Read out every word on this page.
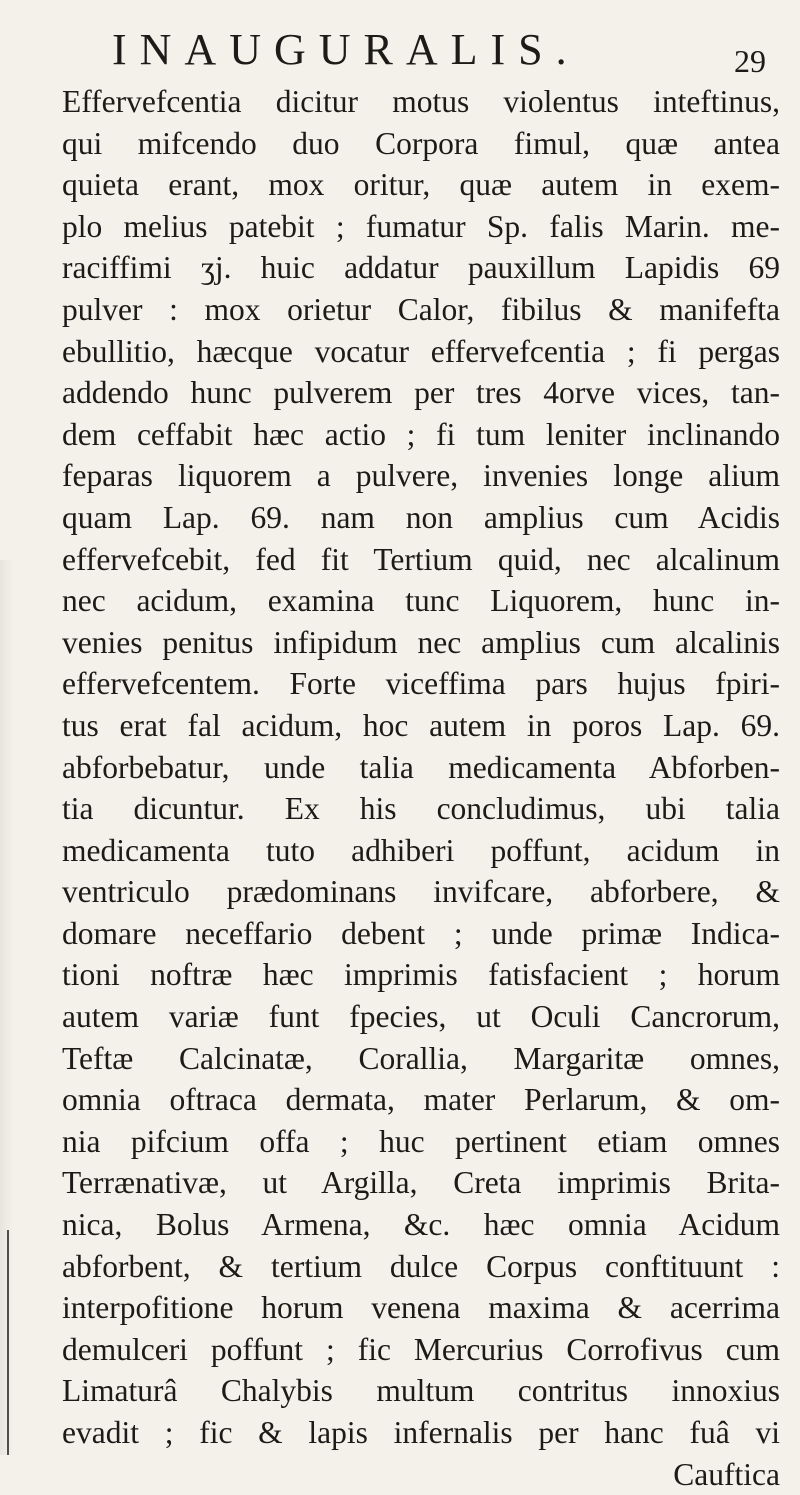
INAUGURALIS.	29
Effervefcentia dicitur motus violentus inteftinus,
qui mifcendo duo Corpora fimul, quæ antea
quieta erant, mox oritur, quæ autem in exem-
plo melius patebit ; fumatur Sp. falis Marin. me-
raciffimi ʒj. huic addatur pauxillum Lapidis 69
pulver : mox orietur Calor, fibilus & manifefta
ebullitio, hæcque vocatur effervefcentia ; fi pergas
addendo hunc pulverem per tres 4orve vices, tan-
dem ceffabit hæc actio ; fi tum leniter inclinando
feparas liquorem a pulvere, invenies longe alium
quam Lap. 69. nam non amplius cum Acidis
effervefcebit, fed fit Tertium quid, nec alcalinum
nec acidum, examina tunc Liquorem, hunc in-
venies penitus infipidum nec amplius cum alcalinis
effervefcentem. Forte viceffima pars hujus fpiri-
tus erat fal acidum, hoc autem in poros Lap. 69.
abforbebatur, unde talia medicamenta Abforben-
tia dicuntur. Ex his concludimus, ubi talia
medicamenta tuto adhiberi poffunt, acidum in
ventriculo prædominans invifcare, abforbere, &
domare neceffario debent ; unde primæ Indica-
tioni noftræ hæc imprimis fatisfacient ; horum
autem variæ funt fpecies, ut Oculi Cancrorum,
Teftæ Calcinatæ, Corallia, Margaritæ omnes,
omnia oftraca dermata, mater Perlarum, & om-
nia pifcium offa ; huc pertinent etiam omnes
Terrænativæ, ut Argilla, Creta imprimis Brita-
nica, Bolus Armena, &c. hæc omnia Acidum
abforbent, & tertium dulce Corpus conftituunt :
interpofitione horum venena maxima & acerrima
demulceri poffunt ; fic Mercurius Corrofivus cum
Limaturâ Chalybis multum contritus innoxius
evadit ; fic & lapis infernalis per hanc fuâ vi
Cauftica
